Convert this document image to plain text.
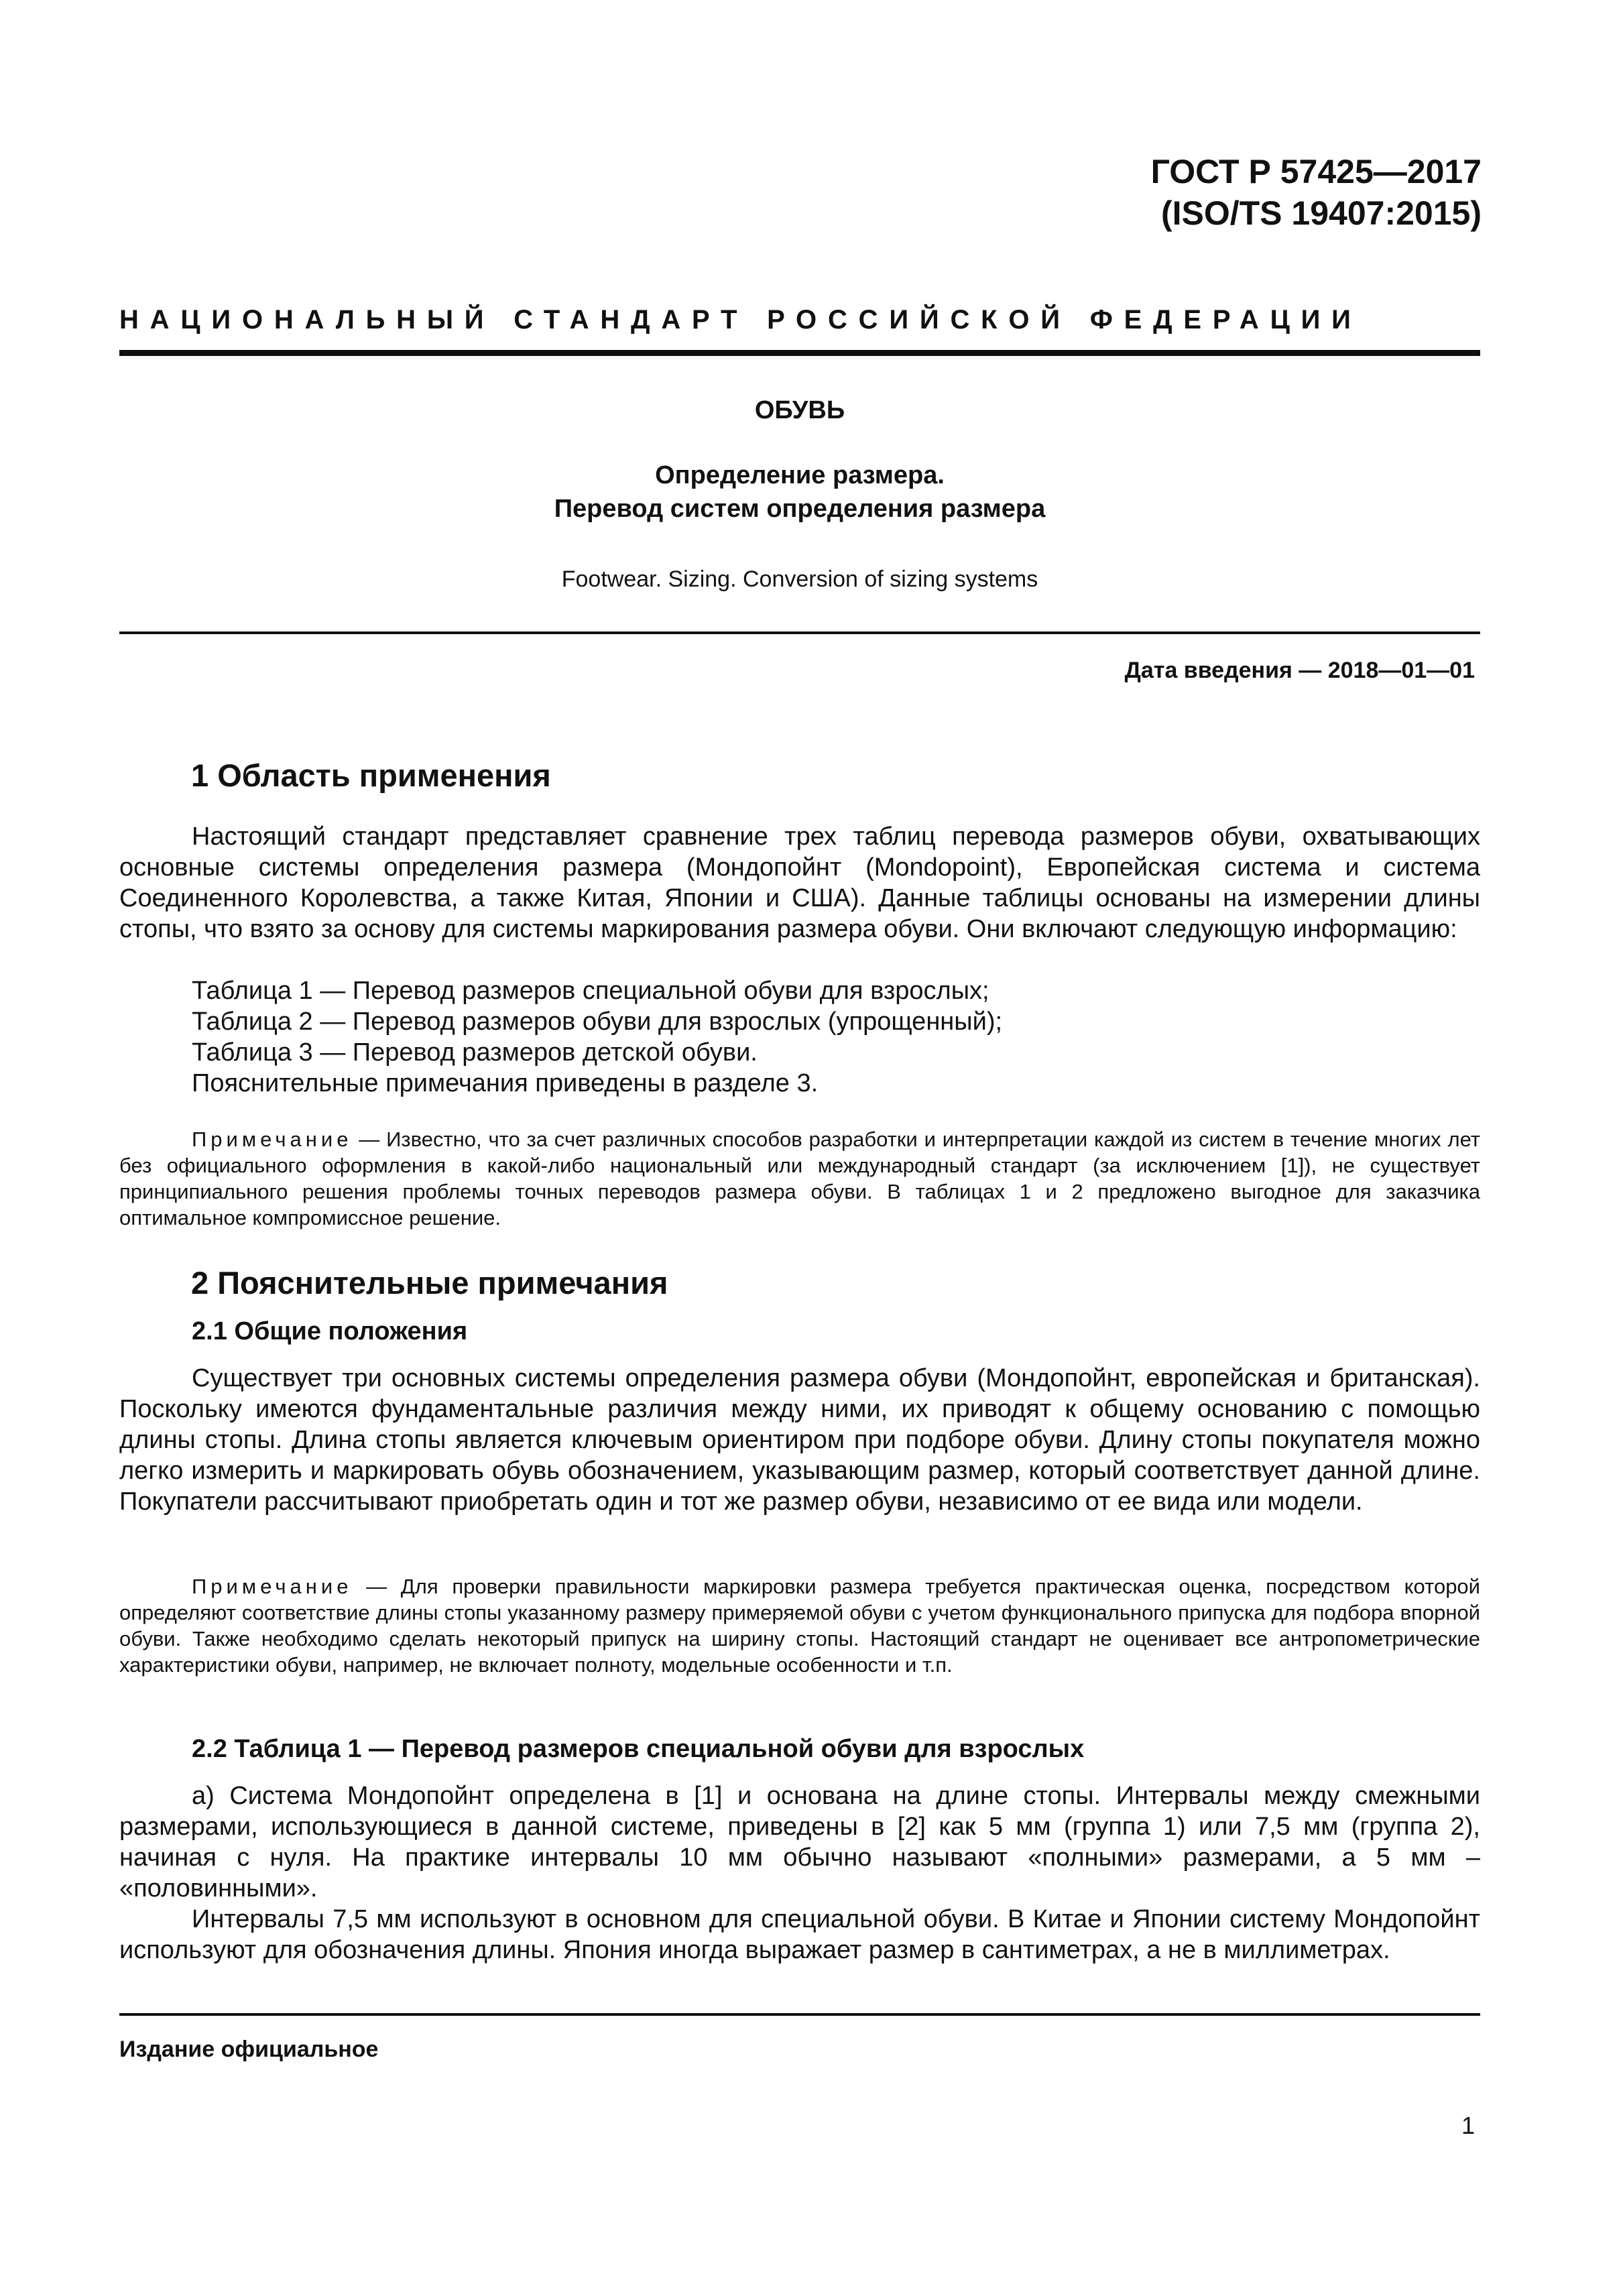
ГОСТ Р 57425—2017
(ISO/TS 19407:2015)
НАЦИОНАЛЬНЫЙ СТАНДАРТ РОССИЙСКОЙ ФЕДЕРАЦИИ
ОБУВЬ
Определение размера.
Перевод систем определения размера
Footwear. Sizing. Conversion of sizing systems
Дата введения — 2018—01—01
1 Область применения
Настоящий стандарт представляет сравнение трех таблиц перевода размеров обуви, охватывающих основные системы определения размера (Мондопойнт (Mondopoint), Европейская система и система Соединенного Королевства, а также Китая, Японии и США). Данные таблицы основаны на измерении длины стопы, что взято за основу для системы маркирования размера обуви. Они включают следующую информацию:
Таблица 1 — Перевод размеров специальной обуви для взрослых;
Таблица 2 — Перевод размеров обуви для взрослых (упрощенный);
Таблица 3 — Перевод размеров детской обуви.
Пояснительные примечания приведены в разделе 3.
Примечание — Известно, что за счет различных способов разработки и интерпретации каждой из систем в течение многих лет без официального оформления в какой-либо национальный или международный стандарт (за исключением [1]), не существует принципиального решения проблемы точных переводов размера обуви. В таблицах 1 и 2 предложено выгодное для заказчика оптимальное компромиссное решение.
2 Пояснительные примечания
2.1 Общие положения
Существует три основных системы определения размера обуви (Мондопойнт, европейская и британская). Поскольку имеются фундаментальные различия между ними, их приводят к общему основанию с помощью длины стопы. Длина стопы является ключевым ориентиром при подборе обуви. Длину стопы покупателя можно легко измерить и маркировать обувь обозначением, указывающим размер, который соответствует данной длине. Покупатели рассчитывают приобретать один и тот же размер обуви, независимо от ее вида или модели.
Примечание — Для проверки правильности маркировки размера требуется практическая оценка, посредством которой определяют соответствие длины стопы указанному размеру примеряемой обуви с учетом функционального припуска для подбора впорной обуви. Также необходимо сделать некоторый припуск на ширину стопы. Настоящий стандарт не оценивает все антропометрические характеристики обуви, например, не включает полноту, модельные особенности и т.п.
2.2 Таблица 1 — Перевод размеров специальной обуви для взрослых
а) Система Мондопойнт определена в [1] и основана на длине стопы. Интервалы между смежными размерами, использующиеся в данной системе, приведены в [2] как 5 мм (группа 1) или 7,5 мм (группа 2), начиная с нуля. На практике интервалы 10 мм обычно называют «полными» размерами, а 5 мм – «половинными».
Интервалы 7,5 мм используют в основном для специальной обуви. В Китае и Японии систему Мондопойнт используют для обозначения длины. Япония иногда выражает размер в сантиметрах, а не в миллиметрах.
Издание официальное
1
